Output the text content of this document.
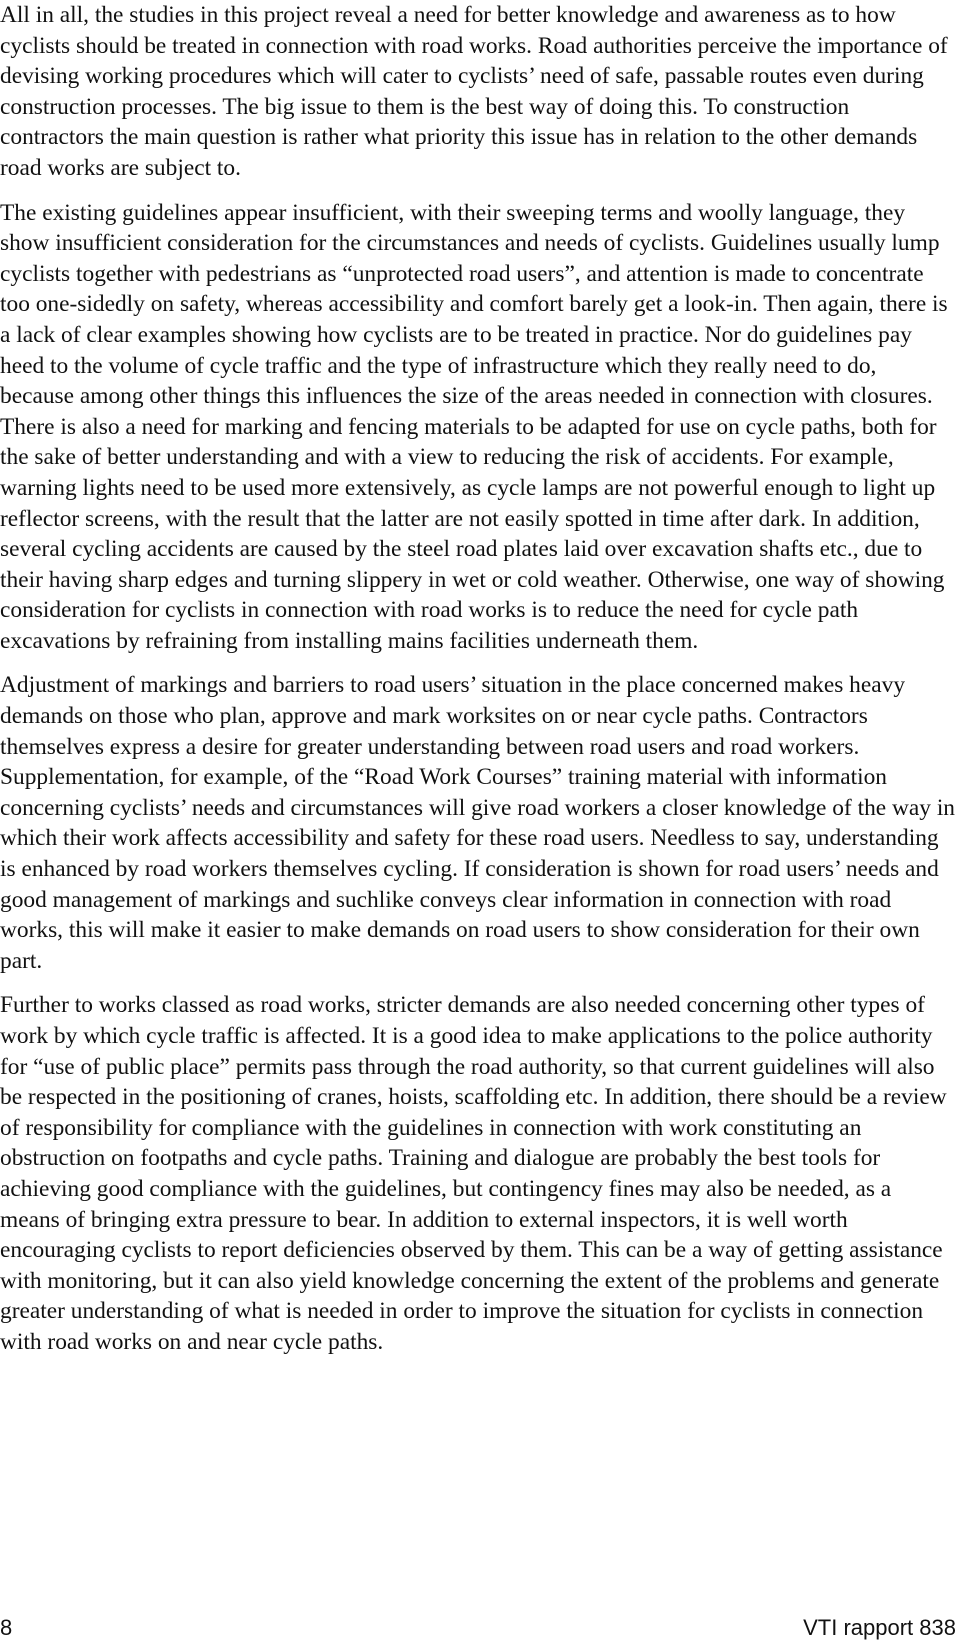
All in all, the studies in this project reveal a need for better knowledge and awareness as to how cyclists should be treated in connection with road works. Road authorities perceive the importance of devising working procedures which will cater to cyclists’ need of safe, passable routes even during construction processes. The big issue to them is the best way of doing this. To construction contractors the main question is rather what priority this issue has in relation to the other demands road works are subject to.

The existing guidelines appear insufficient, with their sweeping terms and woolly language, they show insufficient consideration for the circumstances and needs of cyclists. Guidelines usually lump cyclists together with pedestrians as “unprotected road users”, and attention is made to concentrate too one-sidedly on safety, whereas accessibility and comfort barely get a look-in. Then again, there is a lack of clear examples showing how cyclists are to be treated in practice. Nor do guidelines pay heed to the volume of cycle traffic and the type of infrastructure which they really need to do, because among other things this influences the size of the areas needed in connection with closures. There is also a need for marking and fencing materials to be adapted for use on cycle paths, both for the sake of better understanding and with a view to reducing the risk of accidents. For example, warning lights need to be used more extensively, as cycle lamps are not powerful enough to light up reflector screens, with the result that the latter are not easily spotted in time after dark. In addition, several cycling accidents are caused by the steel road plates laid over excavation shafts etc., due to their having sharp edges and turning slippery in wet or cold weather. Otherwise, one way of showing consideration for cyclists in connection with road works is to reduce the need for cycle path excavations by refraining from installing mains facilities underneath them.

Adjustment of markings and barriers to road users’ situation in the place concerned makes heavy demands on those who plan, approve and mark worksites on or near cycle paths. Contractors themselves express a desire for greater understanding between road users and road workers. Supplementation, for example, of the “Road Work Courses” training material with information concerning cyclists’ needs and circumstances will give road workers a closer knowledge of the way in which their work affects accessibility and safety for these road users. Needless to say, understanding is enhanced by road workers themselves cycling. If consideration is shown for road users’ needs and good management of markings and suchlike conveys clear information in connection with road works, this will make it easier to make demands on road users to show consideration for their own part.

Further to works classed as road works, stricter demands are also needed concerning other types of work by which cycle traffic is affected. It is a good idea to make applications to the police authority for “use of public place” permits pass through the road authority, so that current guidelines will also be respected in the positioning of cranes, hoists, scaffolding etc. In addition, there should be a review of responsibility for compliance with the guidelines in connection with work constituting an obstruction on footpaths and cycle paths. Training and dialogue are probably the best tools for achieving good compliance with the guidelines, but contingency fines may also be needed, as a means of bringing extra pressure to bear. In addition to external inspectors, it is well worth encouraging cyclists to report deficiencies observed by them. This can be a way of getting assistance with monitoring, but it can also yield knowledge concerning the extent of the problems and generate greater understanding of what is needed in order to improve the situation for cyclists in connection with road works on and near cycle paths.

8	VTI rapport 838
